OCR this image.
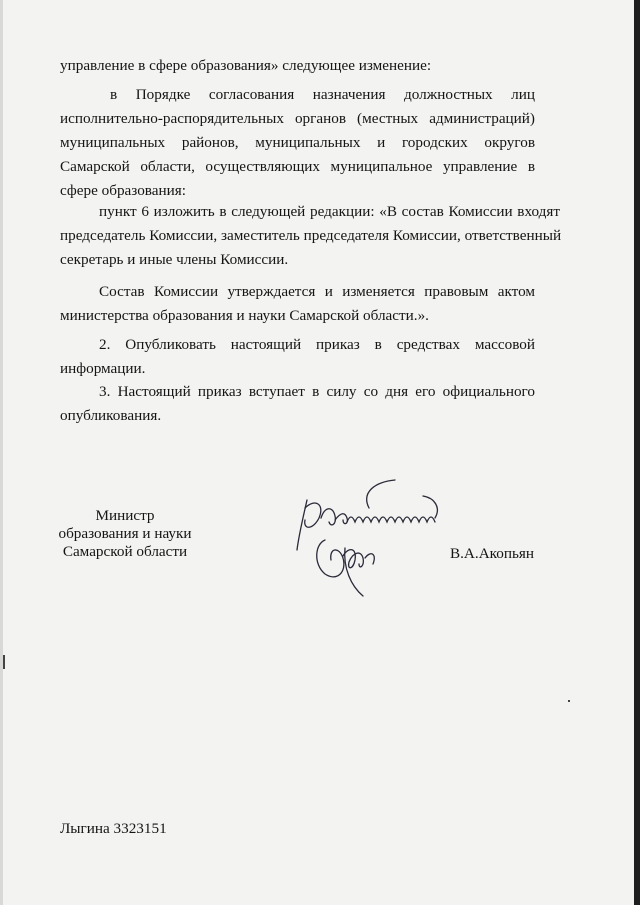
управление в сфере образования» следующее изменение:

в Порядке согласования назначения должностных лиц
исполнительно-распорядительных органов (местных администраций)
муниципальных районов, муниципальных и городских округов
Самарской области, осуществляющих муниципальное управление в
сфере образования:

пункт 6 изложить в следующей редакции: «В состав Комиссии входят
председатель Комиссии, заместитель председателя Комиссии, ответственный
секретарь и иные члены Комиссии.

Состав Комиссии утверждается и изменяется правовым актом
министерства образования и науки Самарской области.».

2. Опубликовать настоящий приказ в средствах массовой
информации.

3. Настоящий приказ вступает в силу со дня его официального
опубликования.

Министр
образования и науки
Самарской области	В.А.Акопьян
Лыгина 3323151
